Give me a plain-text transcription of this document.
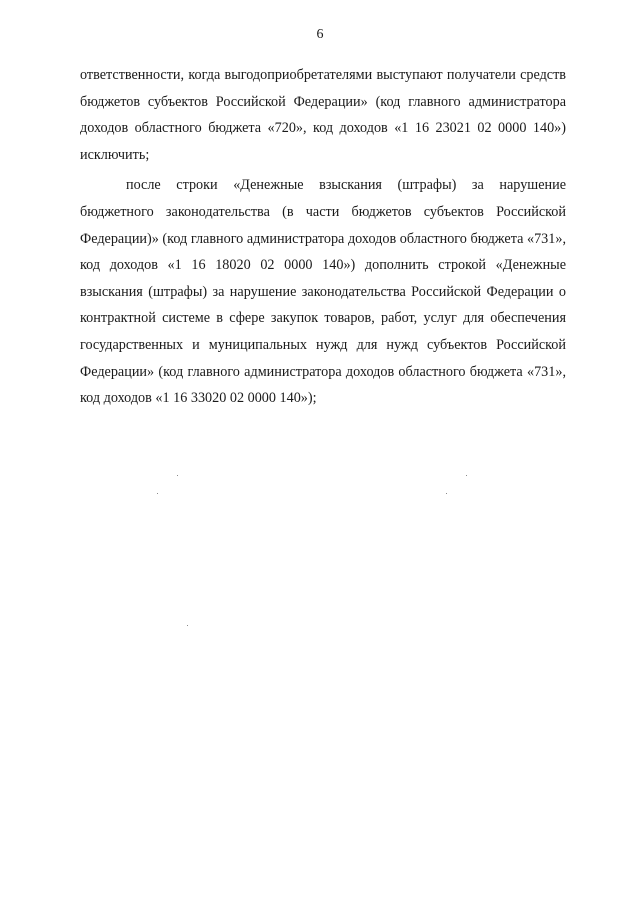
6

ответственности, когда выгодоприобретателями выступают получатели средств бюджетов субъектов Российской Федерации» (код главного администратора доходов областного бюджета «720», код доходов «1 16 23021 02 0000 140») исключить;

после строки «Денежные взыскания (штрафы) за нарушение бюджетного законодательства (в части бюджетов субъектов Российской Федерации)» (код главного администратора доходов областного бюджета «731», код доходов «1 16 18020 02 0000 140») дополнить строкой «Денежные взыскания (штрафы) за нарушение законодательства Российской Федерации о контрактной системе в сфере закупок товаров, работ, услуг для обеспечения государственных и муниципальных нужд для нужд субъектов Российской Федерации» (код главного администратора доходов областного бюджета «731», код доходов «1 16 33020 02 0000 140»);
